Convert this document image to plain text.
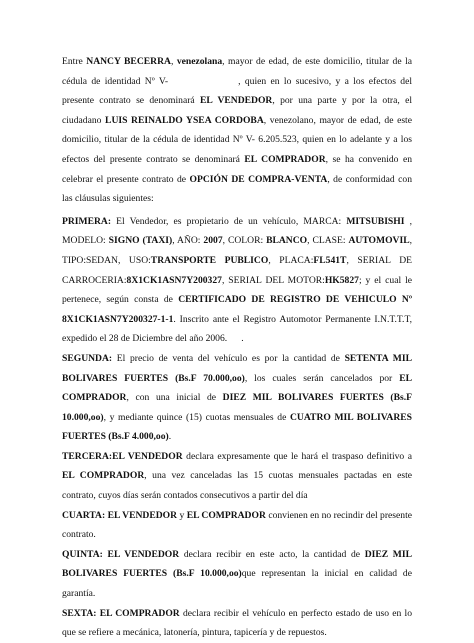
Entre NANCY BECERRA, venezolana, mayor de edad, de este domicilio, titular de la cédula de identidad Nº V-	, quien en lo sucesivo, y a los efectos del presente contrato se denominará EL VENDEDOR, por una parte y por la otra, el ciudadano LUIS REINALDO YSEA CORDOBA, venezolano, mayor de edad, de este domicilio, titular de la cédula de identidad Nº V- 6.205.523, quien en lo adelante y a los efectos del presente contrato se denominará EL COMPRADOR, se ha convenido en celebrar el presente contrato de OPCIÓN DE COMPRA-VENTA, de conformidad con las cláusulas siguientes:

PRIMERA: El Vendedor, es propietario de un vehículo, MARCA: MITSUBISHI , MODELO: SIGNO (TAXI), AÑO: 2007, COLOR: BLANCO, CLASE: AUTOMOVIL, TIPO:SEDAN, USO:TRANSPORTE PUBLICO, PLACA:FL541T, SERIAL DE CARROCERIA:8X1CK1ASN7Y200327, SERIAL DEL MOTOR:HK5827; y el cual le pertenece, según consta de CERTIFICADO DE REGISTRO DE VEHICULO Nº 8X1CK1ASN7Y200327-1-1. Inscrito ante el Registro Automotor Permanente I.N.T.T.T, expedido el 28 de Diciembre del año 2006. .

SEGUNDA: El precio de venta del vehículo es por la cantidad de SETENTA MIL BOLIVARES FUERTES (Bs.F 70.000,oo), los cuales serán cancelados por EL COMPRADOR, con una inicial de DIEZ MIL BOLIVARES FUERTES (Bs.F 10.000,oo), y mediante quince (15) cuotas mensuales de CUATRO MIL BOLIVARES FUERTES (Bs.F 4.000,oo).

TERCERA:EL VENDEDOR declara expresamente que le hará el traspaso definitivo a EL COMPRADOR, una vez canceladas las 15 cuotas mensuales pactadas en este contrato, cuyos días serán contados consecutivos a partir del día

CUARTA: EL VENDEDOR y EL COMPRADOR convienen en no recindir del presente contrato.

QUINTA: EL VENDEDOR declara recibir en este acto, la cantidad de DIEZ MIL BOLIVARES FUERTES (Bs.F 10.000,oo)que representan la inicial en calidad de garantía.

SEXTA: EL COMPRADOR declara recibir el vehículo en perfecto estado de uso en lo que se refiere a mecánica, latonería, pintura, tapicería y de repuestos.
